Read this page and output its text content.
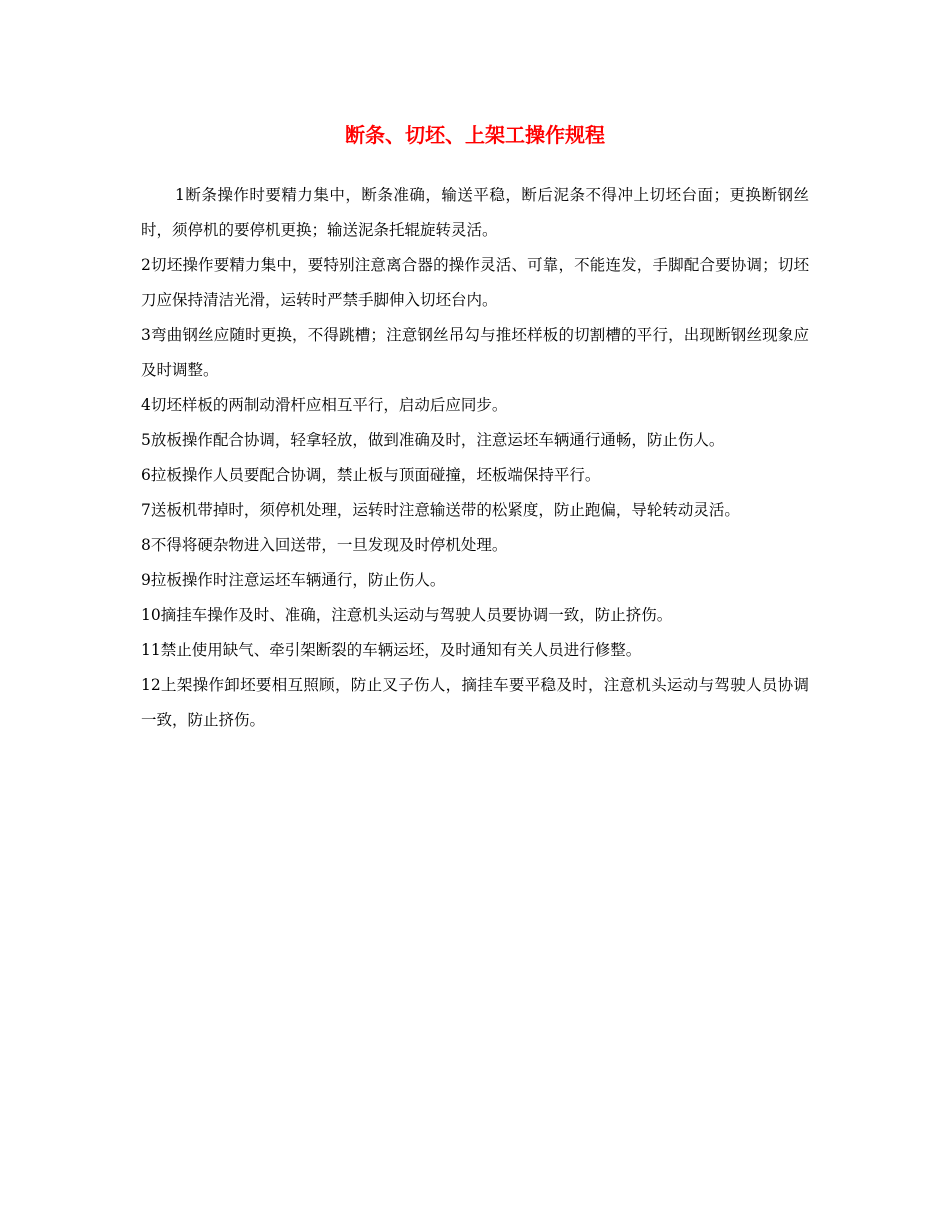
断条、切坯、上架工操作规程

1断条操作时要精力集中，断条准确，输送平稳，断后泥条不得冲上切坯台面；更换断钢丝时，须停机的要停机更换；输送泥条托辊旋转灵活。

2切坯操作要精力集中，要特别注意离合器的操作灵活、可靠，不能连发，手脚配合要协调；切坯刀应保持清洁光滑，运转时严禁手脚伸入切坯台内。

3弯曲钢丝应随时更换，不得跳槽；注意钢丝吊勾与推坯样板的切割槽的平行，出现断钢丝现象应及时调整。

4切坯样板的两制动滑杆应相互平行，启动后应同步。

5放板操作配合协调，轻拿轻放，做到准确及时，注意运坯车辆通行通畅，防止伤人。

6拉板操作人员要配合协调，禁止板与顶面碰撞，坯板端保持平行。

7送板机带掉时，须停机处理，运转时注意输送带的松紧度，防止跑偏，导轮转动灵活。

8不得将硬杂物进入回送带，一旦发现及时停机处理。

9拉板操作时注意运坯车辆通行，防止伤人。

10摘挂车操作及时、准确，注意机头运动与驾驶人员要协调一致，防止挤伤。

11禁止使用缺气、牵引架断裂的车辆运坯，及时通知有关人员进行修整。

12上架操作卸坯要相互照顾，防止叉子伤人，摘挂车要平稳及时，注意机头运动与驾驶人员协调一致，防止挤伤。
